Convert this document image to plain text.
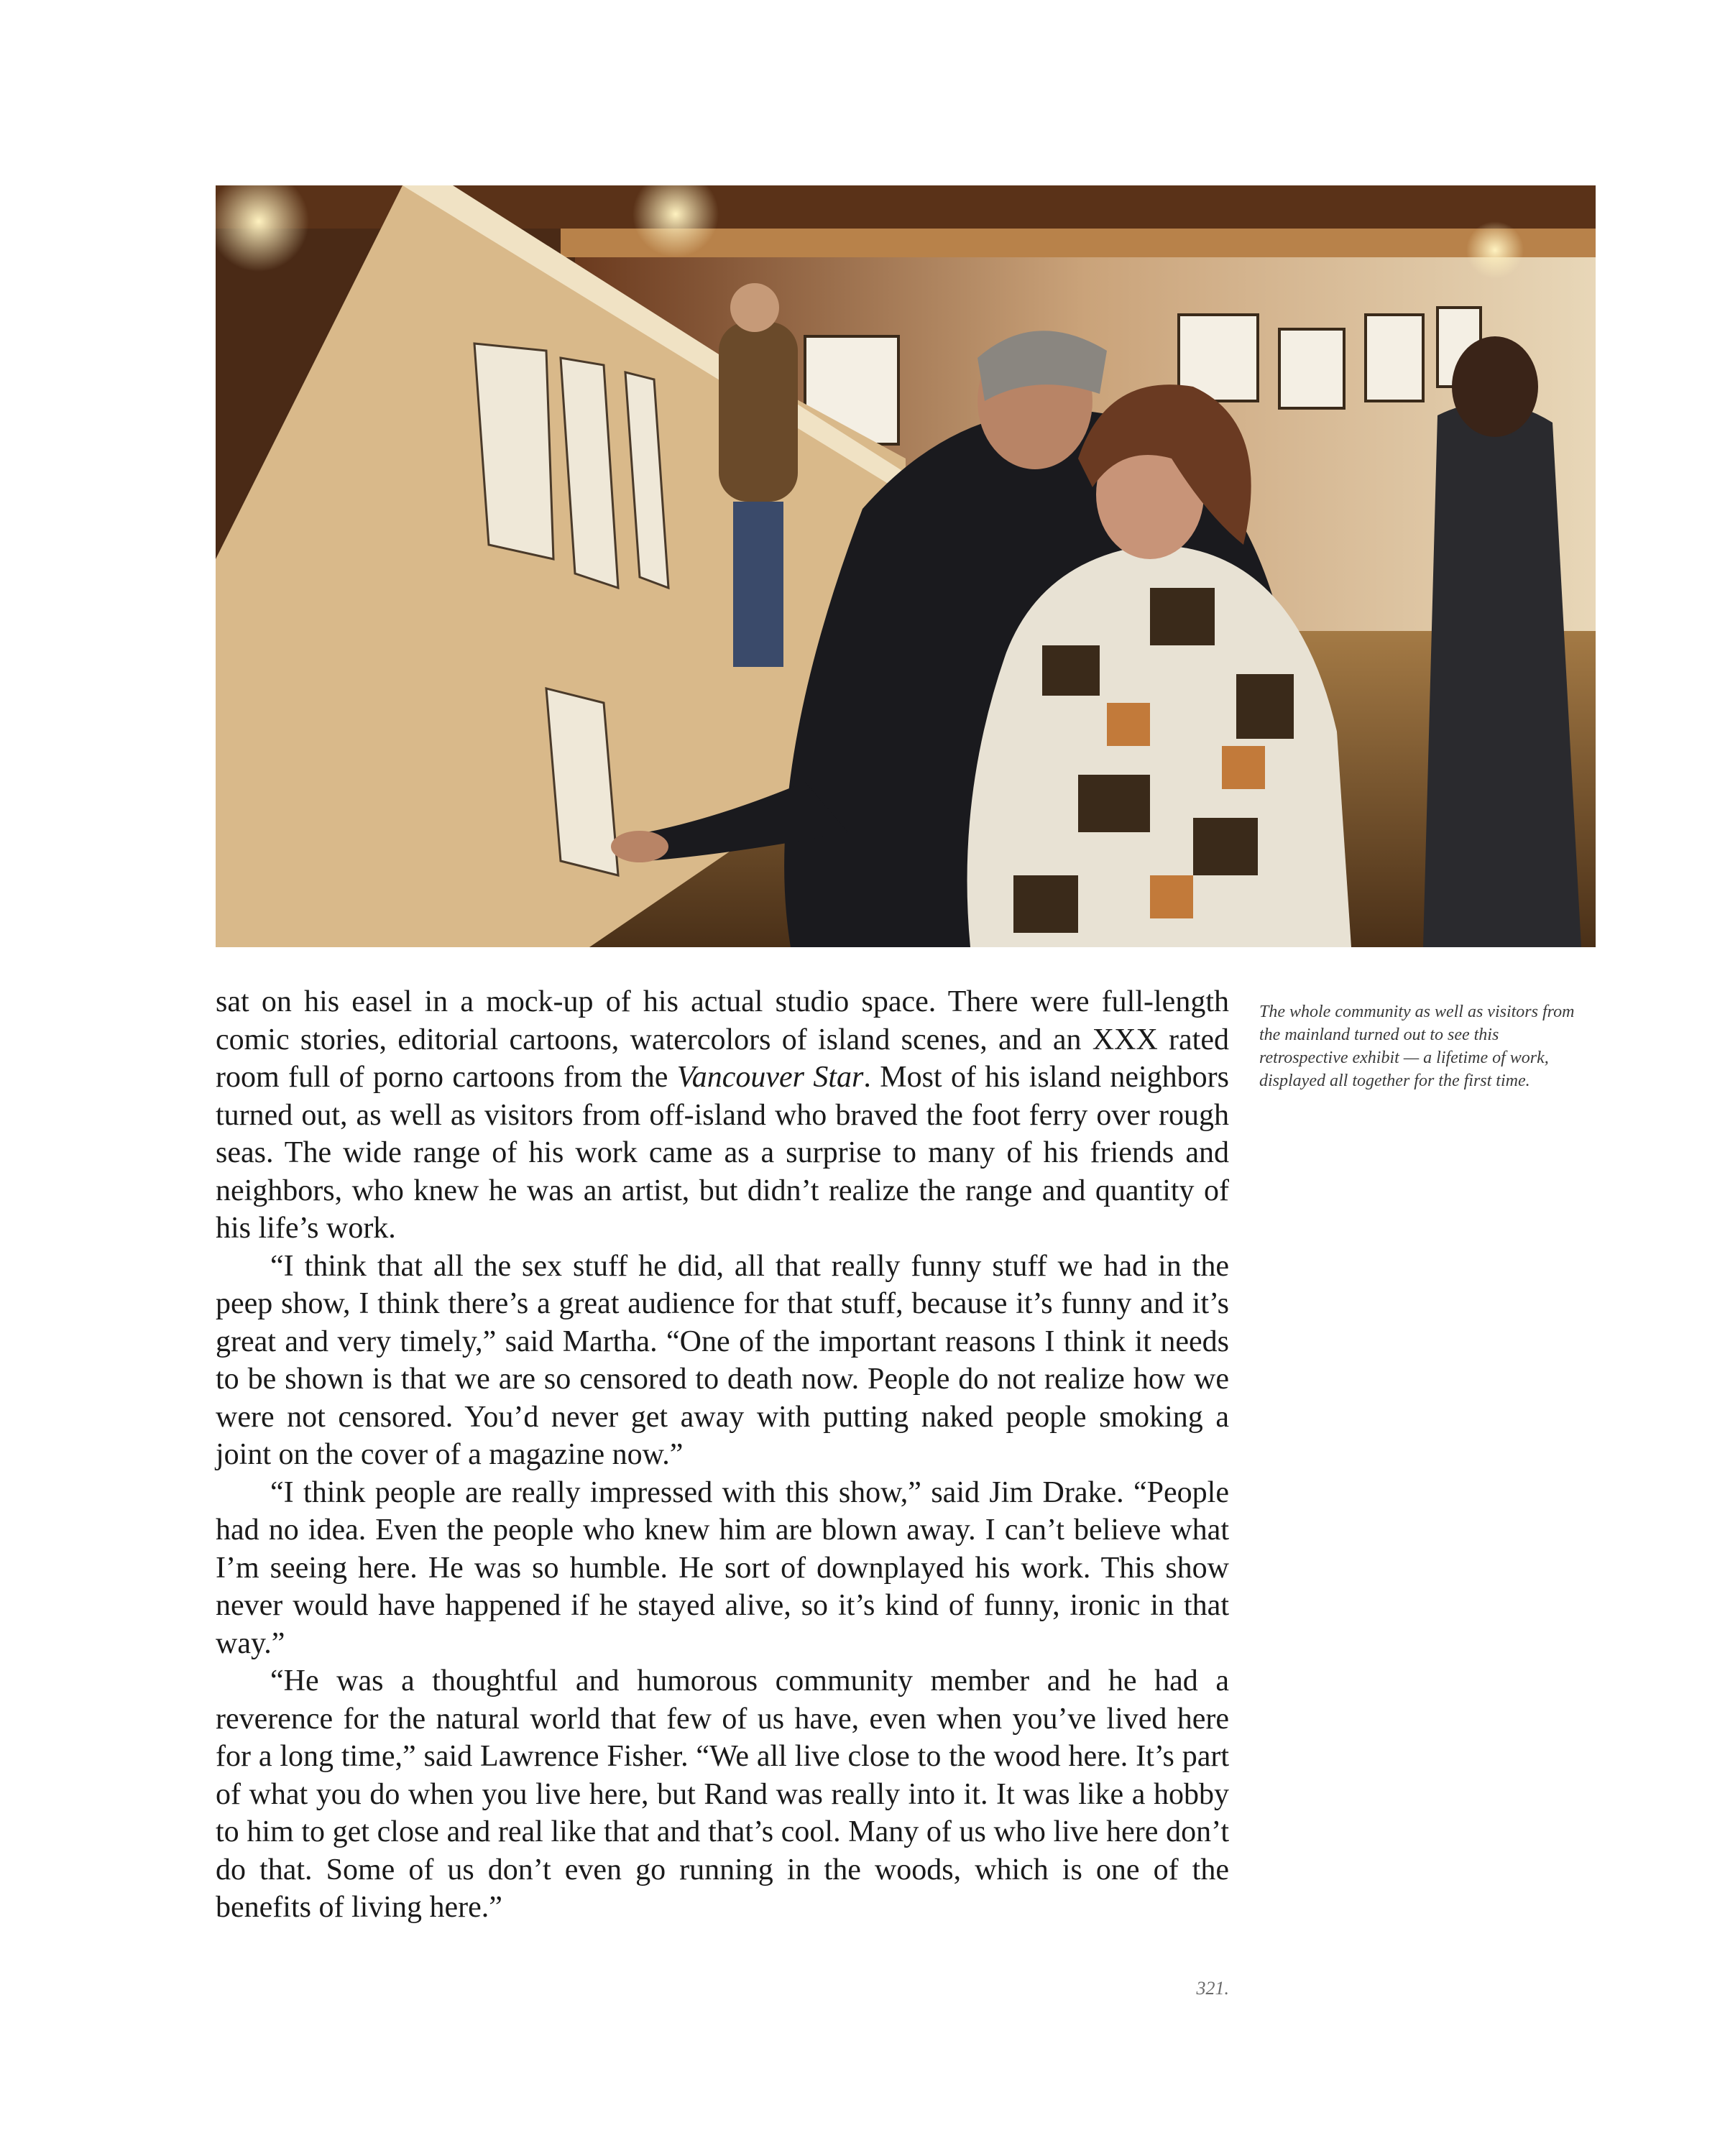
sat on his easel in a mock-up of his actual studio space. There were full-length comic stories, editorial cartoons, watercolors of island scenes, and an XXX rated room full of porno cartoons from the Vancouver Star. Most of his island neighbors turned out, as well as visitors from off-island who braved the foot ferry over rough seas. The wide range of his work came as a surprise to many of his friends and neighbors, who knew he was an artist, but didn’t realize the range and quantity of his life’s work.

“I think that all the sex stuff he did, all that really funny stuff we had in the peep show, I think there’s a great audience for that stuff, because it’s funny and it’s great and very timely,” said Martha. “One of the important reasons I think it needs to be shown is that we are so censored to death now. People do not realize how we were not censored. You’d never get away with putting naked people smoking a joint on the cover of a magazine now.”

“I think people are really impressed with this show,” said Jim Drake. “People had no idea. Even the people who knew him are blown away. I can’t believe what I’m seeing here. He was so humble. He sort of downplayed his work. This show never would have happened if he stayed alive, so it’s kind of funny, ironic in that way.”

“He was a thoughtful and humorous community member and he had a reverence for the natural world that few of us have, even when you’ve lived here for a long time,” said Lawrence Fisher. “We all live close to the wood here. It’s part of what you do when you live here, but Rand was really into it. It was like a hobby to him to get close and real like that and that’s cool. Many of us who live here don’t do that. Some of us don’t even go running in the woods, which is one of the benefits of living here.”

The whole community as well as visitors from the mainland turned out to see this retrospective exhibit — a lifetime of work, displayed all together for the first time.
321.
